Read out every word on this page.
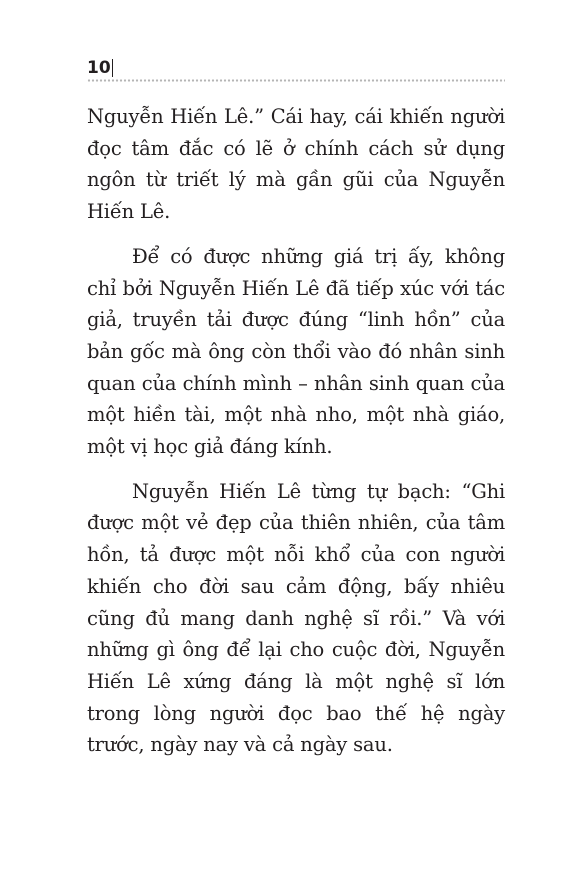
10

Nguyễn Hiến Lê.” Cái hay, cái khiến người đọc tâm đắc có lẽ ở chính cách sử dụng ngôn từ triết lý mà gần gũi của Nguyễn Hiến Lê.

Để có được những giá trị ấy, không chỉ bởi Nguyễn Hiến Lê đã tiếp xúc với tác giả, truyền tải được đúng “linh hồn” của bản gốc mà ông còn thổi vào đó nhân sinh quan của chính mình – nhân sinh quan của một hiền tài, một nhà nho, một nhà giáo, một vị học giả đáng kính.

Nguyễn Hiến Lê từng tự bạch: “Ghi được một vẻ đẹp của thiên nhiên, của tâm hồn, tả được một nỗi khổ của con người khiến cho đời sau cảm động, bấy nhiêu cũng đủ mang danh nghệ sĩ rồi.” Và với những gì ông để lại cho cuộc đời, Nguyễn Hiến Lê xứng đáng là một nghệ sĩ lớn trong lòng người đọc bao thế hệ ngày trước, ngày nay và cả ngày sau.
